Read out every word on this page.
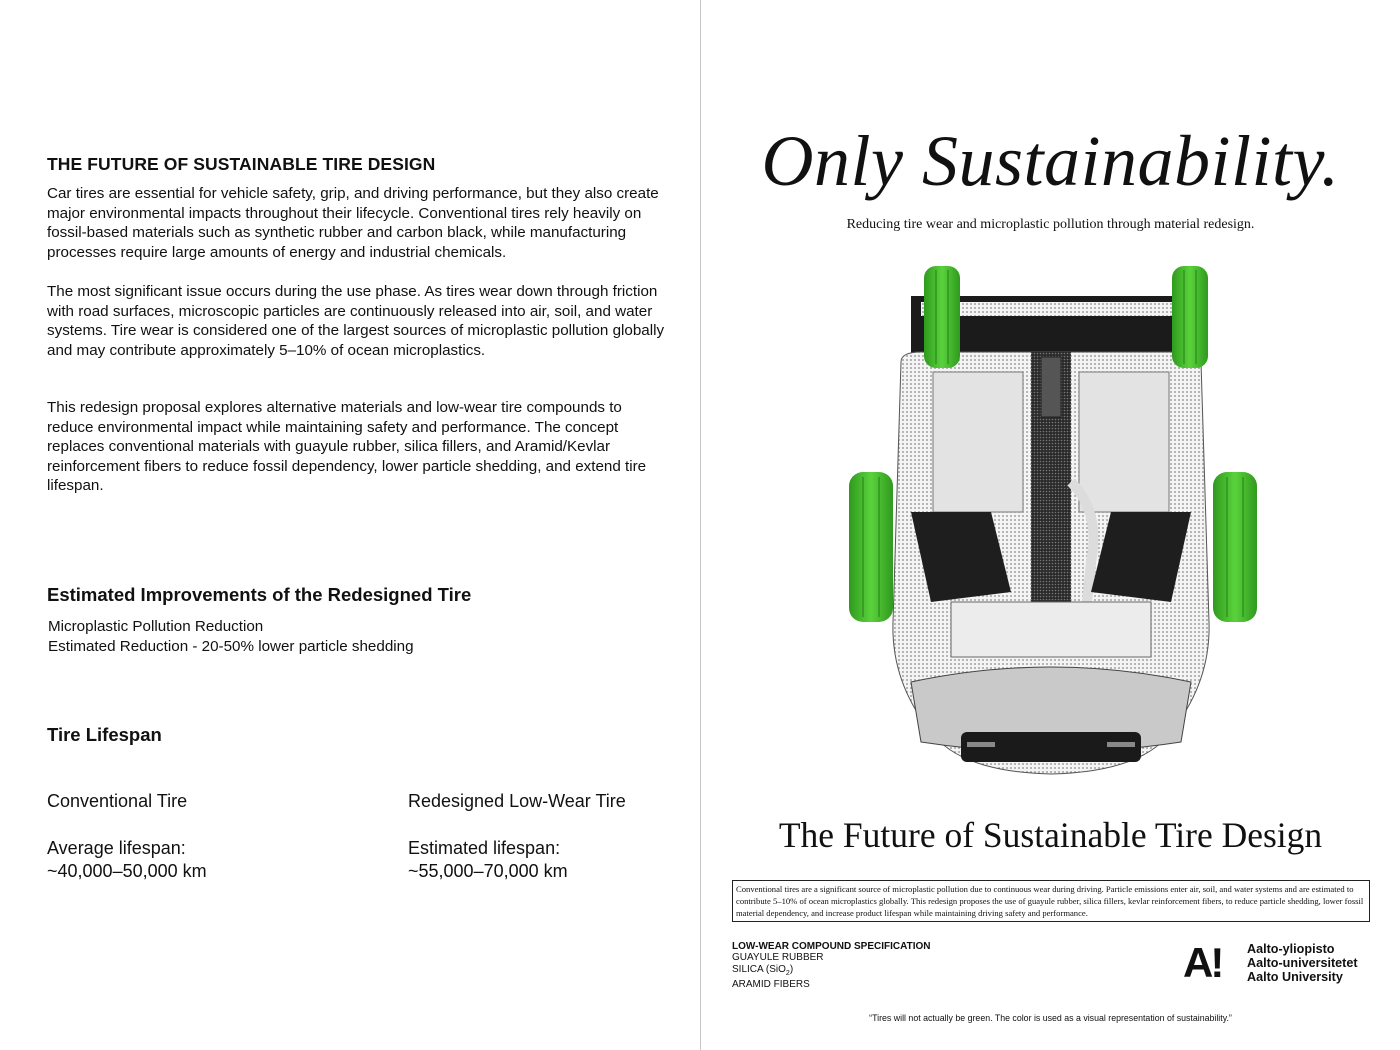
THE FUTURE OF SUSTAINABLE TIRE DESIGN

Car tires are essential for vehicle safety, grip, and driving performance, but they also create major environmental impacts throughout their lifecycle. Conventional tires rely heavily on fossil-based materials such as synthetic rubber and carbon black, while manufacturing processes require large amounts of energy and industrial chemicals.

The most significant issue occurs during the use phase. As tires wear down through friction with road surfaces, microscopic particles are continuously released into air, soil, and water systems. Tire wear is considered one of the largest sources of microplastic pollution globally and may contribute approximately 5–10% of ocean microplastics.

This redesign proposal explores alternative materials and low-wear tire compounds to reduce environmental impact while maintaining safety and performance. The concept replaces conventional materials with guayule rubber, silica fillers, and Aramid/Kevlar reinforcement fibers to reduce fossil dependency, lower particle shedding, and extend tire lifespan.

Estimated Improvements of the Redesigned Tire
Microplastic Pollution Reduction
Estimated Reduction - 20-50% lower particle shedding
Tire Lifespan
Conventional Tire
Average lifespan:
~40,000–50,000 km
Redesigned Low-Wear Tire
Estimated lifespan:
~55,000–70,000 km
Only Sustainability.
Reducing tire wear and microplastic pollution through material redesign.
The Future of Sustainable Tire Design
Conventional tires are a significant source of microplastic pollution due to continuous wear during driving. Particle emissions enter air, soil, and water systems and are estimated to contribute 5–10% of ocean microplastics globally. This redesign proposes the use of guayule rubber, silica fillers, kevlar reinforcement fibers, to reduce particle shedding, lower fossil material dependency, and increase product lifespan while maintaining driving safety and performance.
LOW-WEAR COMPOUND SPECIFICATION
GUAYULE RUBBER
SILICA (SiO$_2$)
ARAMID FIBERS	A! Aalto-yliopisto
Aalto-universitetet
Aalto University
“Tires will not actually be green. The color is used as a visual representation of sustainability.”
